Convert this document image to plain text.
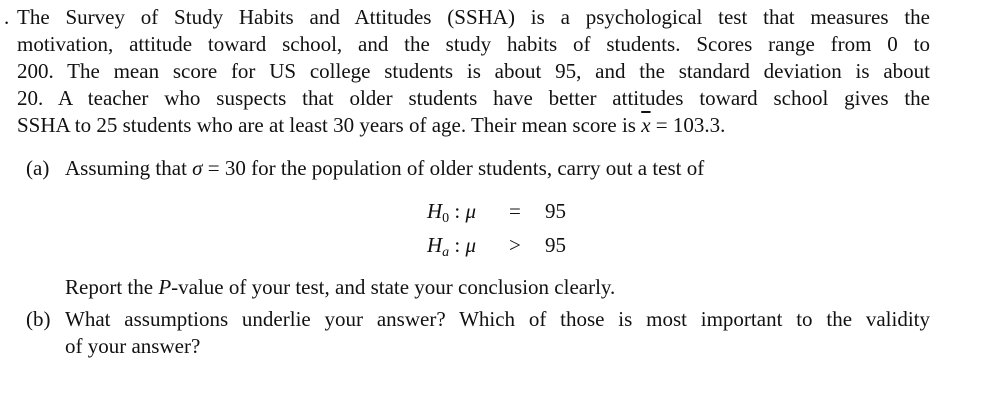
. The Survey of Study Habits and Attitudes (SSHA) is a psychological test that measures the
motivation, attitude toward school, and the study habits of students. Scores range from 0 to
200. The mean score for US college students is about 95, and the standard deviation is about
20. A teacher who suspects that older students have better attitudes toward school gives the
SSHA to 25 students who are at least 30 years of age. Their mean score is $\overline{x} = 103.3$.
(a) Assuming that σ = 30 for the population of older students, carry out a test of
$H_0$ : μ = 95
Ha : μ > 95
Report the P-value of your test, and state your conclusion clearly.
(b) What assumptions underlie your answer? Which of those is most important to the validity
of your answer?
